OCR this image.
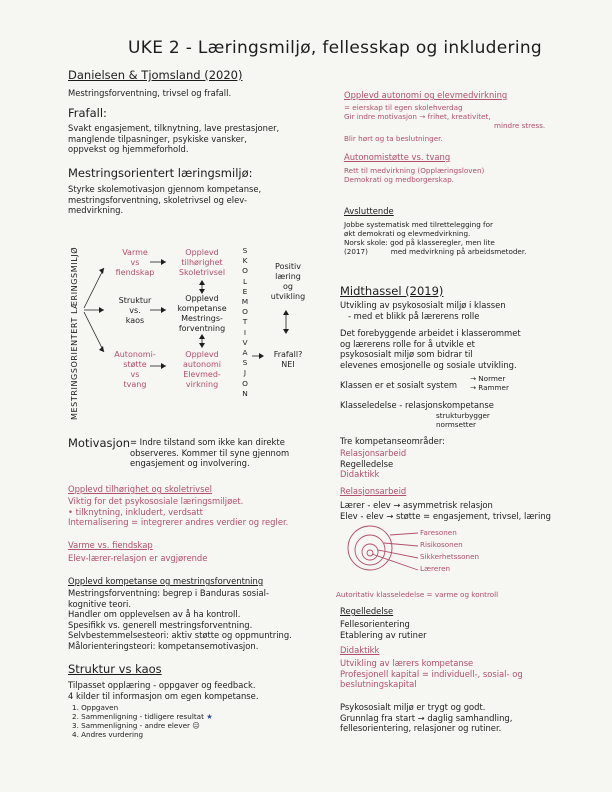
UKE 2 - Læringsmiljø, fellesskap og inkludering
Danielsen & Tjomsland (2020)
Mestringsforventning, trivsel og frafall.
Frafall:
Svakt engasjement, tilknytning, lave prestasjoner,
manglende tilpasninger, psykiske vansker,
oppvekst og hjemmeforhold.
Mestringsorientert læringsmiljø:
Styrke skolemotivasjon gjennom kompetanse,
mestringsforventning, skoletrivsel og elev-
medvirkning.
MESTRINGSORIENTERT LÆRINGSMILJØ	Varme
vs
fiendskap
Opplevd
tilhørighet
Skoletrivsel
Struktur
vs.
kaos
Opplevd
kompetanse
Mestrings-
forventning
Autonomi-
støtte
vs
tvang
Opplevd
autonomi
Elevmed-
virkning
S
K
O
L
E
M
O
T
I
V
A
S
J
O
N
Positiv
læring
og
utvikling
Frafall?
NEI
Motivasjon = Indre tilstand som ikke kan direkte
observeres. Kommer til syne gjennom
engasjement og involvering.
Opplevd tilhørighet og skoletrivsel
Viktig for det psykososiale læringsmiljøet.
• tilknytning, inkludert, verdsatt
Internalisering = integrerer andres verdier og regler.
Varme vs. fiendskap
Elev-lærer-relasjon er avgjørende
Opplevd kompetanse og mestringsforventning
Mestringsforventning: begrep i Banduras sosial-
kognitive teori.
Handler om opplevelsen av å ha kontroll.
Spesifikk vs. generell mestringsforventning.
Selvbestemmelsesteori: aktiv støtte og oppmuntring.
Målorienteringsteori: kompetansemotivasjon.
Struktur vs kaos
Tilpasset opplæring - oppgaver og feedback.
4 kilder til informasjon om egen kompetanse.
1. Oppgaven
2. Sammenligning - tidligere resultat ★
3. Sammenligning - andre elever ☹
4. Andres vurdering
Opplevd autonomi og elevmedvirkning
= eierskap til egen skolehverdag
Gir indre motivasjon → frihet, kreativitet,
mindre stress.
Blir hørt og ta beslutninger.
Autonomistøtte vs. tvang
Rett til medvirkning (Opplæringsloven)
Demokrati og medborgerskap.
Avsluttende
Jobbe systematisk med tilrettelegging for
økt demokrati og elevmedvirkning.
Norsk skole: god på klasseregler, men lite
(2017)          med medvirkning på arbeidsmetoder.
Midthassel (2019)
Utvikling av psykososialt miljø i klassen
- med et blikk på lærerens rolle
Det forebyggende arbeidet i klasserommet
og lærerens rolle for å utvikle et
psykososialt miljø som bidrar til
elevenes emosjonelle og sosiale utvikling.
Klassen er et sosialt system
→ Normer
→ Rammer
Klasseledelse - relasjonskompetanse
strukturbygger
normsetter
Tre kompetanseområder:
Relasjonsarbeid
Regelledelse
Didaktikk
Relasjonsarbeid
Lærer - elev → asymmetrisk relasjon
Elev - elev → støtte = engasjement, trivsel, læring
Faresonen
Risikosonen
Sikkerhetssonen
Læreren
Autoritativ klasseledelse = varme og kontroll
Regelledelse
Fellesorientering
Etablering av rutiner
Didaktikk
Utvikling av lærers kompetanse
Profesjonell kapital = individuell-, sosial- og
beslutningskapital
Psykososialt miljø er trygt og godt.
Grunnlag fra start → daglig samhandling,
fellesorientering, relasjoner og rutiner.
